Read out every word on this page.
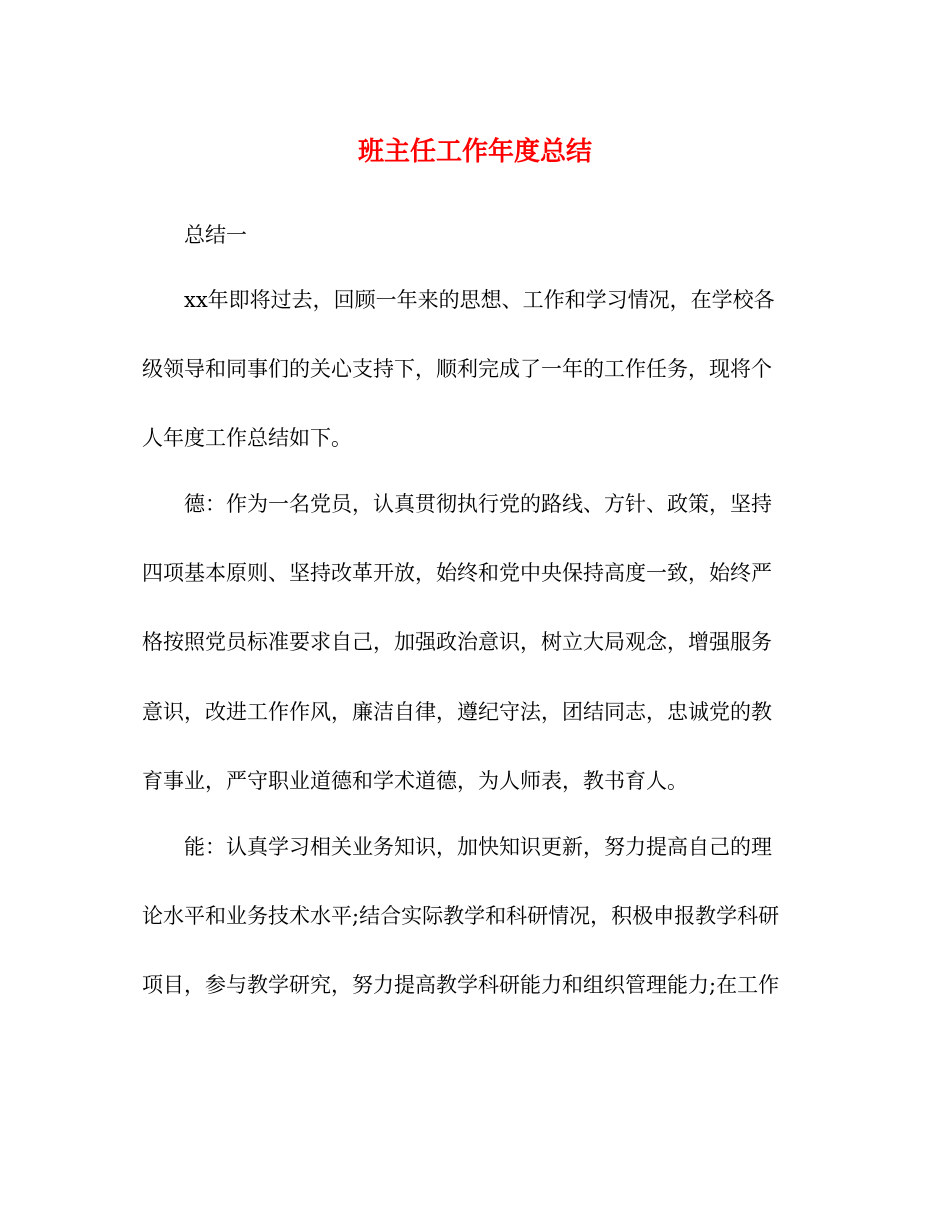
班主任工作年度总结
　　总结一
　　xx年即将过去，回顾一年来的思想、工作和学习情况，在学校各
级领导和同事们的关心支持下，顺利完成了一年的工作任务，现将个
人年度工作总结如下。
　　德：作为一名党员，认真贯彻执行党的路线、方针、政策，坚持
四项基本原则、坚持改革开放，始终和党中央保持高度一致，始终严
格按照党员标准要求自己，加强政治意识，树立大局观念，增强服务
意识，改进工作作风，廉洁自律，遵纪守法，团结同志，忠诚党的教
育事业，严守职业道德和学术道德，为人师表，教书育人。
　　能：认真学习相关业务知识，加快知识更新，努力提高自己的理
论水平和业务技术水平;结合实际教学和科研情况，积极申报教学科研
项目，参与教学研究，努力提高教学科研能力和组织管理能力;在工作
